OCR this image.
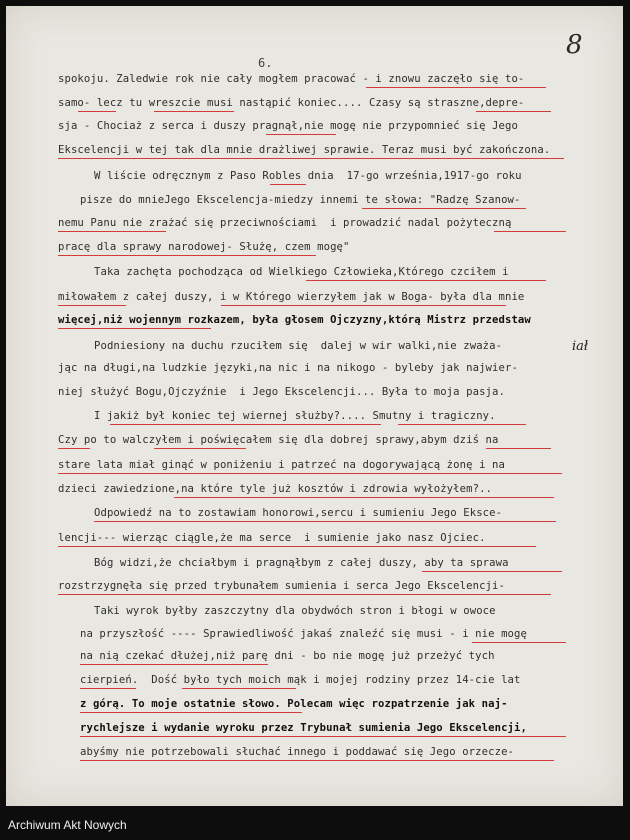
6.
8
spokoju. Zaledwie rok nie cały mogłem pracować - i znowu zaczęło się to-
samo- lecz tu wreszcie musi nastąpić koniec.... Czasy są straszne,depre-
sja - Chociaż z serca i duszy pragnął,nie mogę nie przypomnieć się Jego
Ekscelencji w tej tak dla mnie drażliwej sprawie. Teraz musi być zakończona.
W liście odręcznym z Paso Robles dnia  17-go września,1917-go roku
pisze do mnieJego Ekscelencja-miedzy innemi te słowa: "Radzę Szanow-
nemu Panu nie zrażać się przeciwnościami  i prowadzić nadal pożyteczną
pracę dla sprawy narodowej- Służę, czem mogę"
Taka zachęta pochodząca od Wielkiego Człowieka,Którego czciłem i
miłowałem z całej duszy, i w Którego wierzyłem jak w Boga- była dla mnie
więcej,niż wojennym rozkazem, była głosem Ojczyzny,którą Mistrz przedstaw
Podniesiony na duchu rzuciłem się  dalej w wir walki,nie zważa-
jąc na długi,na ludzkie języki,na nic i na nikogo - byleby jak najwier-
niej służyć Bogu,Ojczyźnie  i Jego Ekscelencji... Była to moja pasja.
I jakiż był koniec tej wiernej służby?.... Smutny i tragiczny.
Czy po to walczyłem i poświęcałem się dla dobrej sprawy,abym dziś na
stare lata miał ginąć w poniżeniu i patrzeć na dogorywającą żonę i na
dzieci zawiedzione,na które tyle już kosztów i zdrowia wyłożyłem?..
Odpowiedź na to zostawiam honorowi,sercu i sumieniu Jego Eksce-
lencji--- wierząc ciągle,że ma serce  i sumienie jako nasz Ojciec.
Bóg widzi,że chciałbym i pragnąłbym z całej duszy, aby ta sprawa
rozstrzygnęła się przed trybunałem sumienia i serca Jego Ekscelencji-
Taki wyrok byłby zaszczytny dla obydwóch stron i błogi w owoce
na przyszłość ---- Sprawiedliwość jakaś znaleźć się musi - i nie mogę
na nią czekać dłużej,niż parę dni - bo nie mogę już przeżyć tych
cierpień.  Dość było tych moich mąk i mojej rodziny przez 14-cie lat
z górą. To moje ostatnie słowo. Polecam więc rozpatrzenie jak naj-
rychlejsze i wydanie wyroku przez Trybunał sumienia Jego Ekscelencji,
abyśmy nie potrzebowali słuchać innego i poddawać się Jego orzecze-
iał
Archiwum Akt Nowych
